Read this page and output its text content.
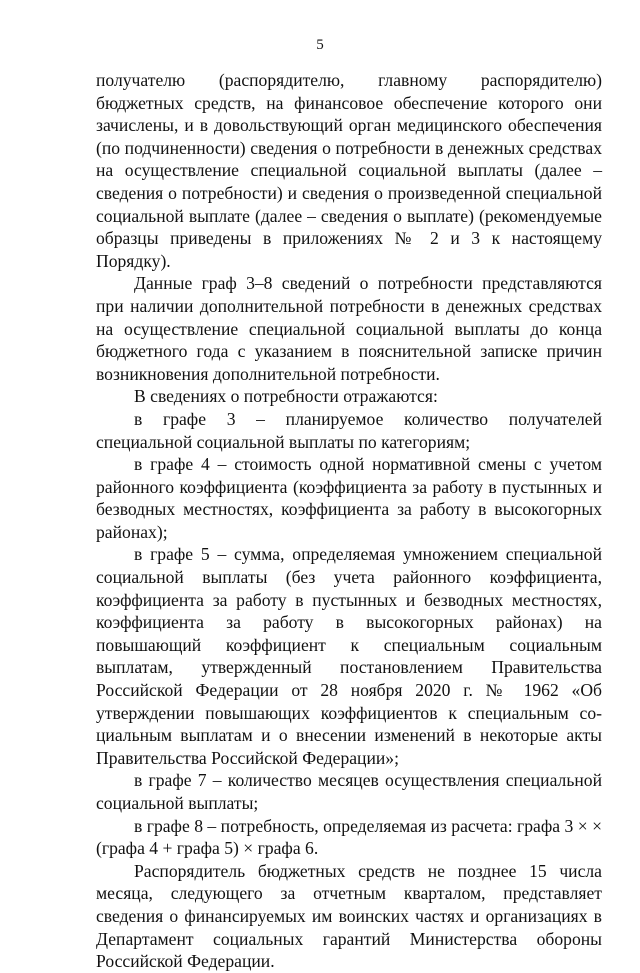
5

получателю (распорядителю, главному распорядителю) бюджетных средств, на финансовое обеспечение которого они зачислены, и в довольствующий орган медицинского обеспечения (по подчиненности) сведения о потребности в денежных средствах на осуществление специальной социальной выплаты (далее – сведения о потребности) и сведения о произведенной специальной социальной выплате (далее – сведения о выплате) (рекомендуемые образцы приведены в приложениях № 2 и 3 к настоящему Порядку).

Данные граф 3–8 сведений о потребности представляются при наличии дополнительной потребности в денежных средствах на осуществление специальной социальной выплаты до конца бюджетного года с указанием в пояснительной записке причин возникновения дополнительной потребности.

В сведениях о потребности отражаются:

в графе 3 – планируемое количество получателей специальной социальной выплаты по категориям;

в графе 4 – стоимость одной нормативной смены с учетом районного коэффициента (коэффициента за работу в пустынных и безводных местностях, коэффициента за работу в высокогорных районах);

в графе 5 – сумма, определяемая умножением специальной социальной выплаты (без учета районного коэффициента, коэффициента за работу в пустынных и безводных местностях, коэффициента за работу в высокогорных районах) на повышающий коэффициент к специальным социальным выплатам, утвержденный постановлением Правительства Российской Федерации от 28 ноября 2020 г. № 1962 «Об утверждении повышающих коэффициентов к специальным социальным выплатам и о внесении изменений в некоторые акты Правительства Российской Федерации»;

в графе 7 – количество месяцев осуществления специальной социальной выплаты;

в графе 8 – потребность, определяемая из расчета: графа 3 × × (графа 4 + графа 5) × графа 6.

Распорядитель бюджетных средств не позднее 15 числа месяца, следующего за отчетным кварталом, представляет сведения о финансируемых им воинских частях и организациях в Департамент социальных гарантий Министерства обороны Российской Федерации.
